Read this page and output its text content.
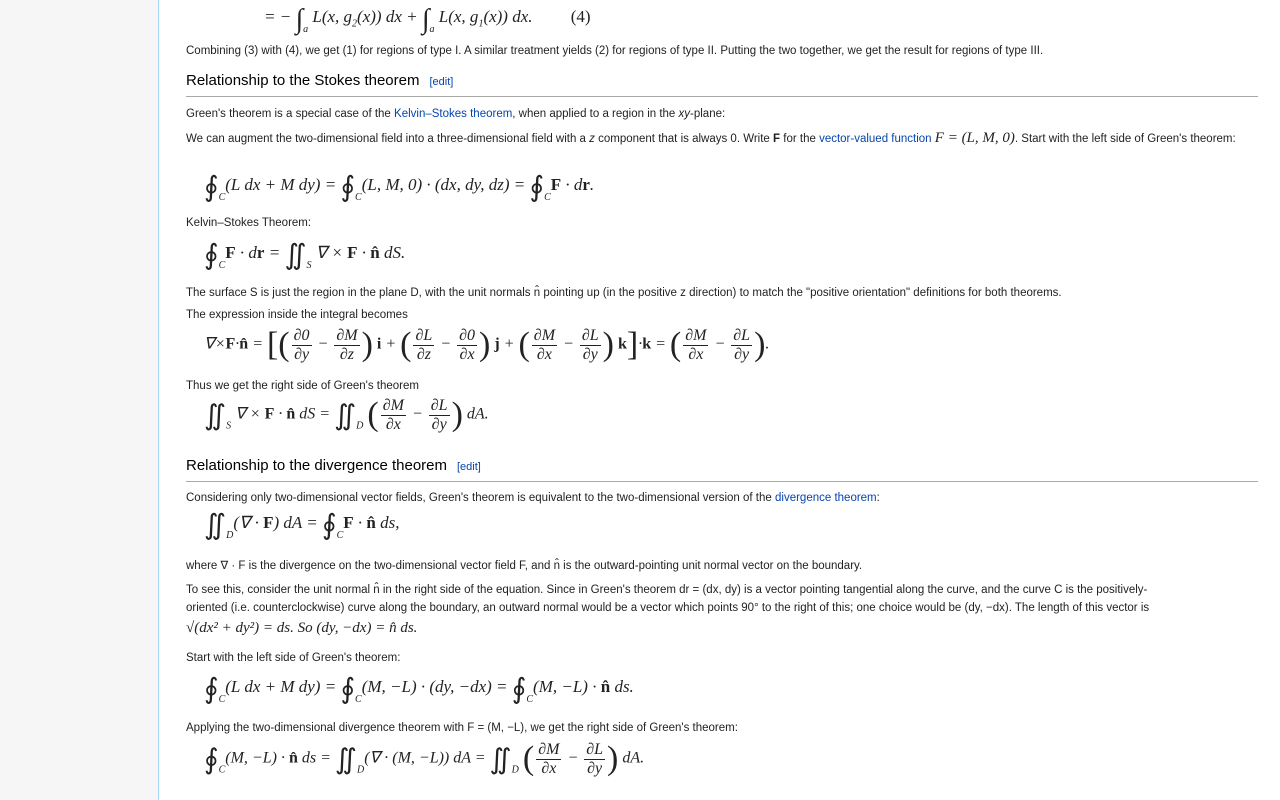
= − $\int_a$ L(x, $g_2(x)$) dx + $\int_a$ L(x, $g_1(x)$) dx. (4)
Combining (3) with (4), we get (1) for regions of type I. A similar treatment yields (2) for regions of type II. Putting the two together, we get the result for regions of type III.
Relationship to the Stokes theorem [edit]
Green's theorem is a special case of the Kelvin–Stokes theorem, when applied to a region in the xy-plane:
We can augment the two-dimensional field into a three-dimensional field with a z component that is always 0. Write F for the vector-valued function F = (L, M, 0). Start with the left side of Green's theorem:
$∮_C(L$ dx + M $dy) = ∮_C(L$, M, 0) · (dx, dy, $dz) = ∮_CF$ · dr.
Kelvin–Stokes Theorem:
$∮_CF$ · dr = $∬_S$ ∇ × F · n̂ dS.
The surface S is just the region in the plane D, with the unit normals n̂ pointing up (in the positive z direction) to match the "positive orientation" definitions for both theorems.
The expression inside the integral becomes
∇×F·n̂ = [( $\frac{\partial 0}{\partial y} - \frac{\partial M}{\partial z}$ ) i + ( $\frac{\partial L}{\partial z} - \frac{\partial 0}{\partial x}$ ) j + ( $\frac{\partial M}{\partial x} - \frac{\partial L}{\partial y}$ ) k]·k = ( $\frac{\partial M}{\partial x} - \frac{\partial L}{\partial y}$ ).
Thus we get the right side of Green's theorem
$∬_S$ ∇ × F · n̂ dS = $∬_D$ ( $\frac{\partial M}{\partial x} - \frac{\partial L}{\partial y}$ ) dA.
Relationship to the divergence theorem [edit]
Considering only two-dimensional vector fields, Green's theorem is equivalent to the two-dimensional version of the divergence theorem:
$∬_D(\nabla \cdot F)$ dA = $∮_CF$ · n̂ ds,
where ∇ · F is the divergence on the two-dimensional vector field F, and n̂ is the outward-pointing unit normal vector on the boundary.
To see this, consider the unit normal n̂ in the right side of the equation. Since in Green's theorem dr = (dx, dy) is a vector pointing tangential along the curve, and the curve C is the positively-
oriented (i.e. counterclockwise) curve along the boundary, an outward normal would be a vector which points 90° to the right of this; one choice would be (dy, −dx). The length of this vector is
√(dx² + dy²) = ds. So (dy, −dx) = n̂ ds.
Start with the left side of Green's theorem:
$∮_C(L$ dx + M $dy) = ∮_C(M$, −L) · (dy, $-dx) = ∮_C(M$, −L) · n̂ ds.
Applying the two-dimensional divergence theorem with F = (M, −L), we get the right side of Green's theorem:
$∮_C(M$, −L) · n̂ ds = $∬_D(\nabla \cdot (M$, −L)) dA = $∬_D$ ( $\frac{\partial M}{\partial x} - \frac{\partial L}{\partial y}$ ) dA.
